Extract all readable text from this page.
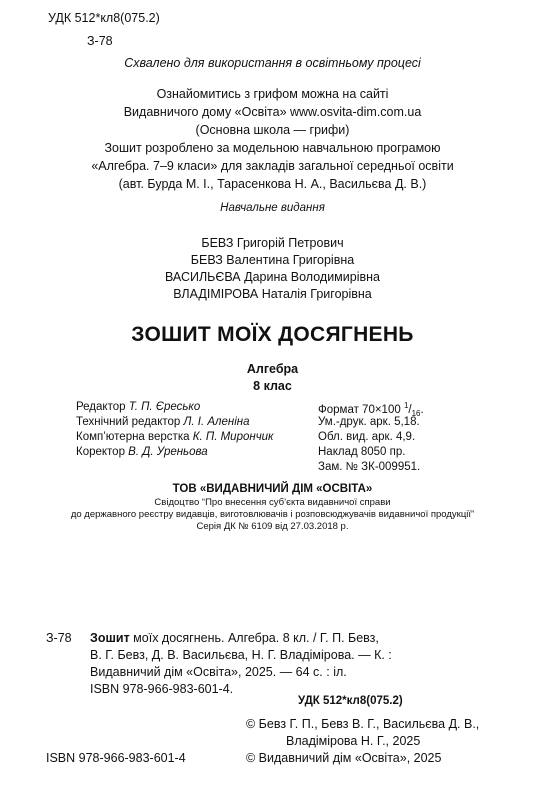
УДК 512*кл8(075.2)
З-78
Схвалено для використання в освітньому процесі
Ознайомитись з грифом можна на сайті
Видавничого дому «Освіта» www.osvita-dim.com.ua
(Основна школа — грифи)
Зошит розроблено за модельною навчальною програмою
«Алгебра. 7–9 класи» для закладів загальної середньої освіти
(авт. Бурда М. І., Тарасенкова Н. А., Васильєва Д. В.)
Навчальне видання
БЕВЗ Григорій Петрович
БЕВЗ Валентина Григорівна
ВАСИЛЬЄВА Дарина Володимирівна
ВЛАДІМІРОВА Наталія Григорівна
ЗОШИТ МОЇХ ДОСЯГНЕНЬ
Алгебра
8 клас
Редактор Т. П. Єресько
Технічний редактор Л. І. Аленіна
Комп’ютерна верстка К. П. Мирончик
Коректор В. Д. Уреньова
Формат 70×100 $^1/_{16}$.
Ум.-друк. арк. 5,18.
Обл. вид. арк. 4,9.
Наклад 8050 пр.
Зам. № ЗК-009951.
ТОВ «ВИДАВНИЧИЙ ДІМ «ОСВІТА»
Свідоцтво “Про внесення суб’єкта видавничої справи
до державного реєстру видавців, виготовлювачів і розповсюджувачів видавничої продукції”
Серія ДК № 6109 від 27.03.2018 р.
З-78 Зошит моїх досягнень. Алгебра. 8 кл. / Г. П. Бевз,
В. Г. Бевз, Д. В. Васильєва, Н. Г. Владімірова. — К. :
Видавничий дім «Освіта», 2025. — 64 с. : іл.
ISBN 978-966-983-601-4.
УДК 512*кл8(075.2)
© Бевз Г. П., Бевз В. Г., Васильєва Д. В.,
Владімірова Н. Г., 2025
ISBN 978-966-983-601-4	© Видавничий дім «Освіта», 2025
